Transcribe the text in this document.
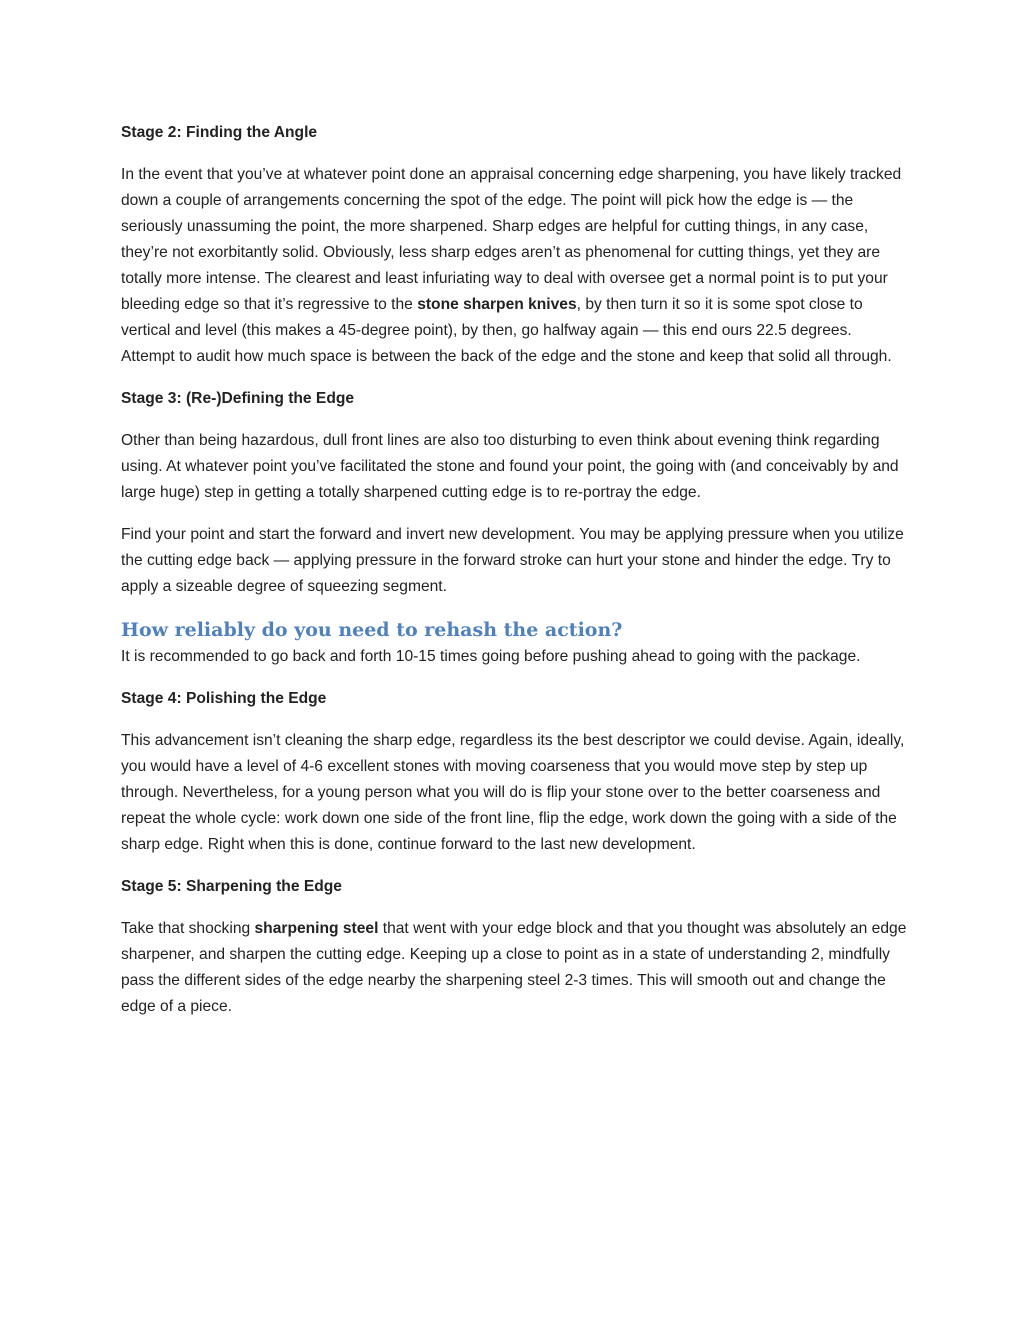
Stage 2: Finding the Angle

In the event that you’ve at whatever point done an appraisal concerning edge sharpening, you have likely tracked down a couple of arrangements concerning the spot of the edge. The point will pick how the edge is — the seriously unassuming the point, the more sharpened. Sharp edges are helpful for cutting things, in any case, they’re not exorbitantly solid. Obviously, less sharp edges aren’t as phenomenal for cutting things, yet they are totally more intense. The clearest and least infuriating way to deal with oversee get a normal point is to put your bleeding edge so that it’s regressive to the stone sharpen knives, by then turn it so it is some spot close to vertical and level (this makes a 45-degree point), by then, go halfway again — this end ours 22.5 degrees. Attempt to audit how much space is between the back of the edge and the stone and keep that solid all through.

Stage 3: (Re-)Defining the Edge

Other than being hazardous, dull front lines are also too disturbing to even think about evening think regarding using. At whatever point you’ve facilitated the stone and found your point, the going with (and conceivably by and large huge) step in getting a totally sharpened cutting edge is to re-portray the edge.

Find your point and start the forward and invert new development. You may be applying pressure when you utilize the cutting edge back — applying pressure in the forward stroke can hurt your stone and hinder the edge. Try to apply a sizeable degree of squeezing segment.

How reliably do you need to rehash the action?

It is recommended to go back and forth 10-15 times going before pushing ahead to going with the package.

Stage 4: Polishing the Edge

This advancement isn’t cleaning the sharp edge, regardless its the best descriptor we could devise. Again, ideally, you would have a level of 4-6 excellent stones with moving coarseness that you would move step by step up through. Nevertheless, for a young person what you will do is flip your stone over to the better coarseness and repeat the whole cycle: work down one side of the front line, flip the edge, work down the going with a side of the sharp edge. Right when this is done, continue forward to the last new development.

Stage 5: Sharpening the Edge

Take that shocking sharpening steel that went with your edge block and that you thought was absolutely an edge sharpener, and sharpen the cutting edge. Keeping up a close to point as in a state of understanding 2, mindfully pass the different sides of the edge nearby the sharpening steel 2-3 times. This will smooth out and change the edge of a piece.
